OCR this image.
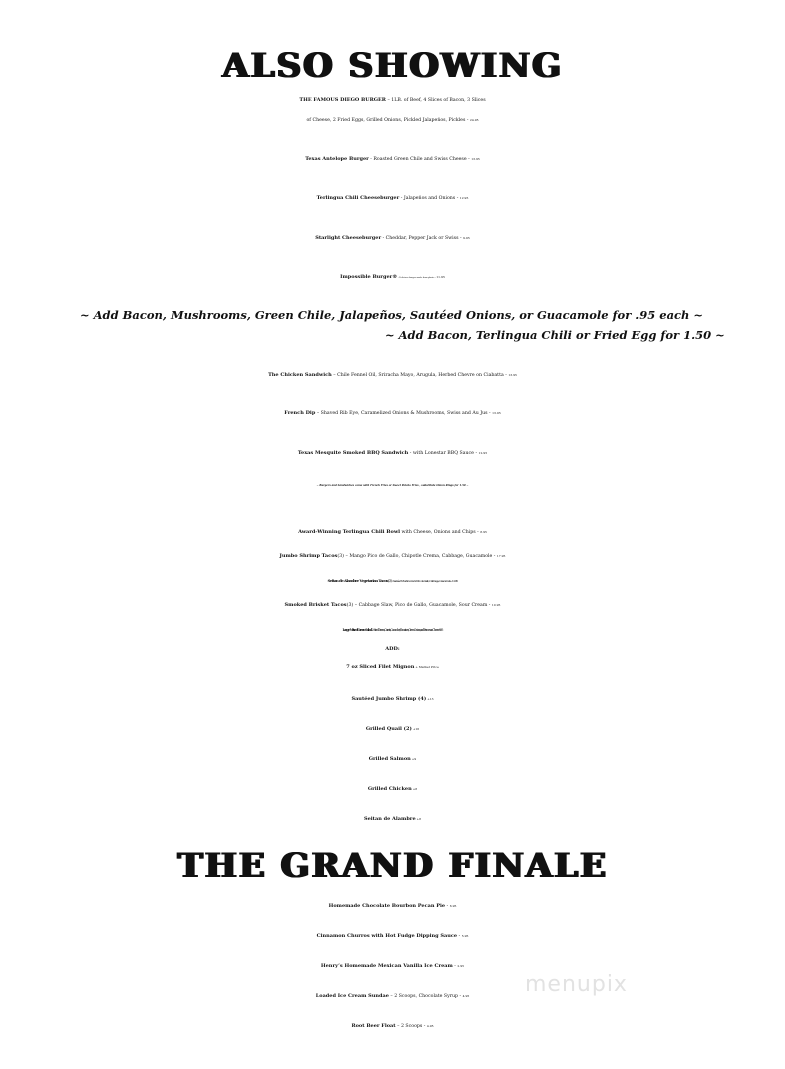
ALSO SHOWING
THE FAMOUS DIEGO BURGER – 1LB. of Beef, 4 Slices of Bacon, 3 Slices
of Cheese, 2 Fried Eggs, Grilled Onions, Pickled Jalapeños, Pickles - 24.95
Texas Antelope Burger - Roasted Green Chile and Swiss Cheese - 13.95
Terlingua Chili Cheeseburger - Jalapeños and Onions - 12.95
Starlight Cheeseburger - Cheddar, Pepper Jack or Swiss - 9.95
Impossible Burger® - Delicious burger made from plants - 11.95
~ Add Bacon, Mushrooms, Green Chile, Jalapeños, Sautéed Onions, or Guacamole for .95 each ~
~ Add Bacon, Terlingua Chili or Fried Egg for 1.50 ~
The Chicken Sandwich – Chile Fennel Oil, Sriracha Mayo, Arugula, Herbed Chevre on Ciabatta - 13.95
French Dip – Shaved Rib Eye, Caramelized Onions & Mushrooms, Swiss and Au Jus - 13.95
Texas Mesquite Smoked BBQ Sandwich - with Lonestar BBQ Sauce - 12.95
~ Burgers and Sandwiches come with French Fries or Sweet Potato Fries , substitute Onion Rings for 1.50 ~
Award-Winning Terlingua Chili Bowl with Cheese, Onions and Chips - 8.95
Jumbo Shrimp Tacos(3) – Mango Pico de Gallo, Chipotle Crema, Cabbage, Guacamole - 17.95
Seitan de Alambre Vegetarian Tacos(3) - Sautéed Mushrooms & Pico de Gallo, Cabbage, Guacamole - 12.95
Smoked Brisket Tacos(3) – Cabbage Slaw, Pico de Gallo, Guacamole, Sour Cream - 10.95
Large Mixed Green Salad – Mixed Greens, Carrots, Cucumber, Tomatoes, Green Onions, and Parmesan Cheese - 8.95
ADD:
7 oz Sliced Filet Mignon + Market Price
Sautéed Jumbo Shrimp (4) +13
Grilled Quail (2) +16
Grilled Salmon +9
Grilled Chicken +8
Seitan de Alambre +8
THE GRAND FINALE
Homemade Chocolate Bourbon Pecan Pie - 6.95
Cinnamon Churros with Hot Fudge Dipping Sauce - 5.95
Henry’s Homemade Mexican Vanilla Ice Cream - 2.95
Loaded Ice Cream Sundae – 2 Scoops, Chocolate Syrup - 4.95
Root Beer Float – 2 Scoops - 4.95
menupix
